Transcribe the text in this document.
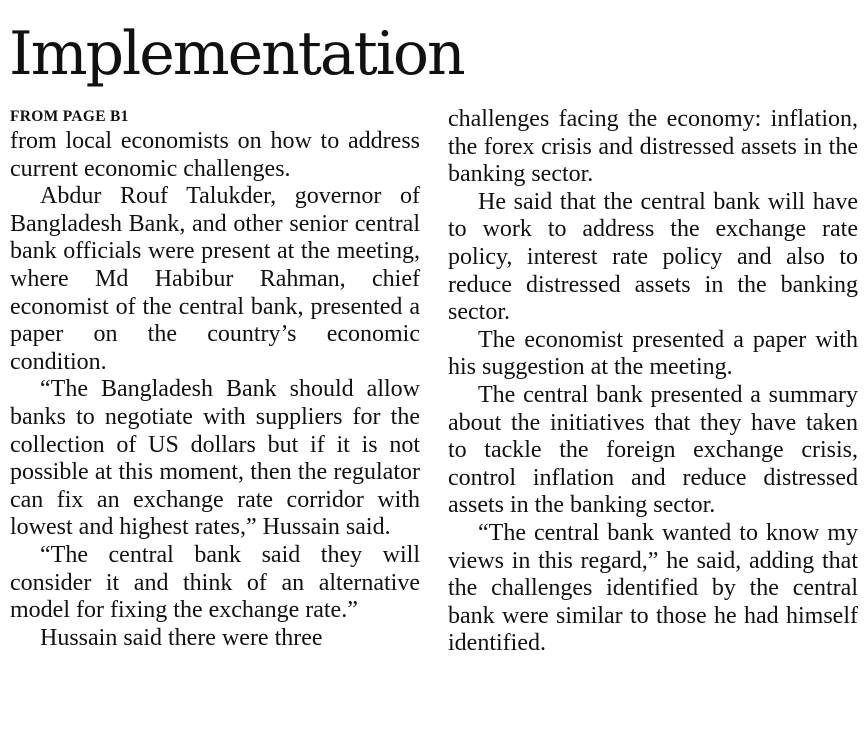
Implementation
FROM PAGE B1

from local economists on how to address current economic challenges.

Abdur Rouf Talukder, governor of Bangladesh Bank, and other senior central bank officials were present at the meeting, where Md Habibur Rahman, chief economist of the central bank, presented a paper on the country’s economic condition.

“The Bangladesh Bank should allow banks to negotiate with suppliers for the collection of US dollars but if it is not possible at this moment, then the regulator can fix an exchange rate corridor with lowest and highest rates,” Hussain said.

“The central bank said they will consider it and think of an alternative model for fixing the exchange rate.”

Hussain said there were three

challenges facing the economy: inflation, the forex crisis and distressed assets in the banking sector.

He said that the central bank will have to work to address the exchange rate policy, interest rate policy and also to reduce distressed assets in the banking sector.

The economist presented a paper with his suggestion at the meeting.

The central bank presented a summary about the initiatives that they have taken to tackle the foreign exchange crisis, control inflation and reduce distressed assets in the banking sector.

“The central bank wanted to know my views in this regard,” he said, adding that the challenges identified by the central bank were similar to those he had himself identified.
